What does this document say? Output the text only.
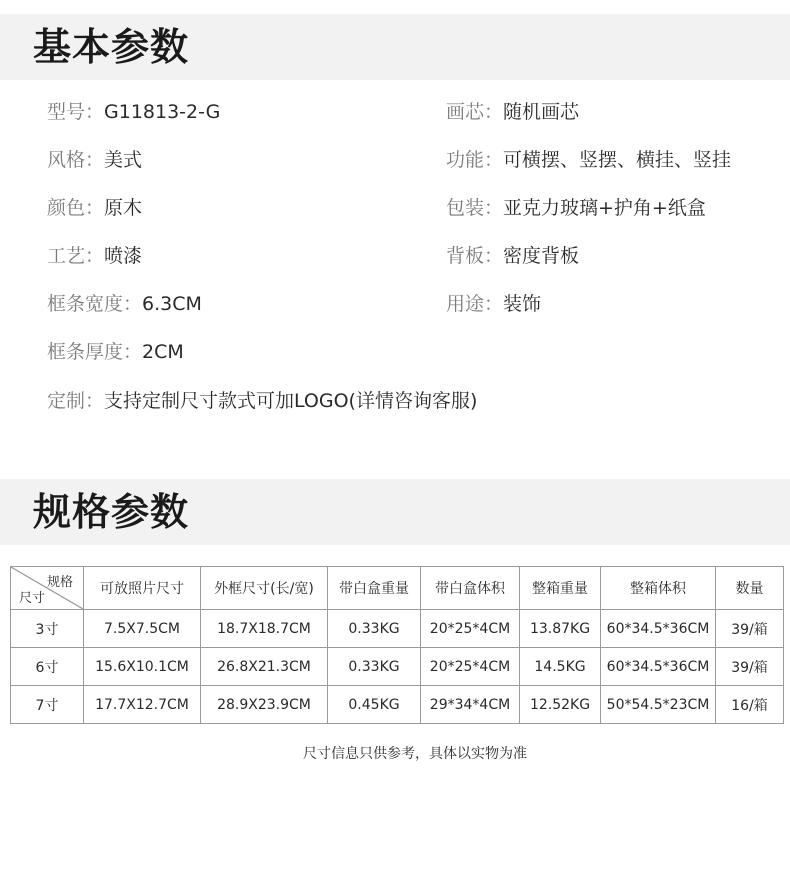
基本参数
型号：G11813-2-G
风格：美式
颜色：原木
工艺：喷漆
框条宽度：6.3CM
框条厚度：2CM
定制：支持定制尺寸款式可加LOGO(详情咨询客服)
画芯：随机画芯
功能：可横摆、竖摆、横挂、竖挂
包装：亚克力玻璃+护角+纸盒
背板：密度背板
用途：装饰
规格参数
规格
尺寸	可放照片尺寸	外框尺寸(长/宽)	带白盒重量	带白盒体积	整箱重量	整箱体积	数量
3寸	7.5X7.5CM	18.7X18.7CM	0.33KG	20*25*4CM	13.87KG	60*34.5*36CM	39/箱
6寸	15.6X10.1CM	26.8X21.3CM	0.33KG	20*25*4CM	14.5KG	60*34.5*36CM	39/箱
7寸	17.7X12.7CM	28.9X23.9CM	0.45KG	29*34*4CM	12.52KG	50*54.5*23CM	16/箱
尺寸信息只供参考，具体以实物为准
